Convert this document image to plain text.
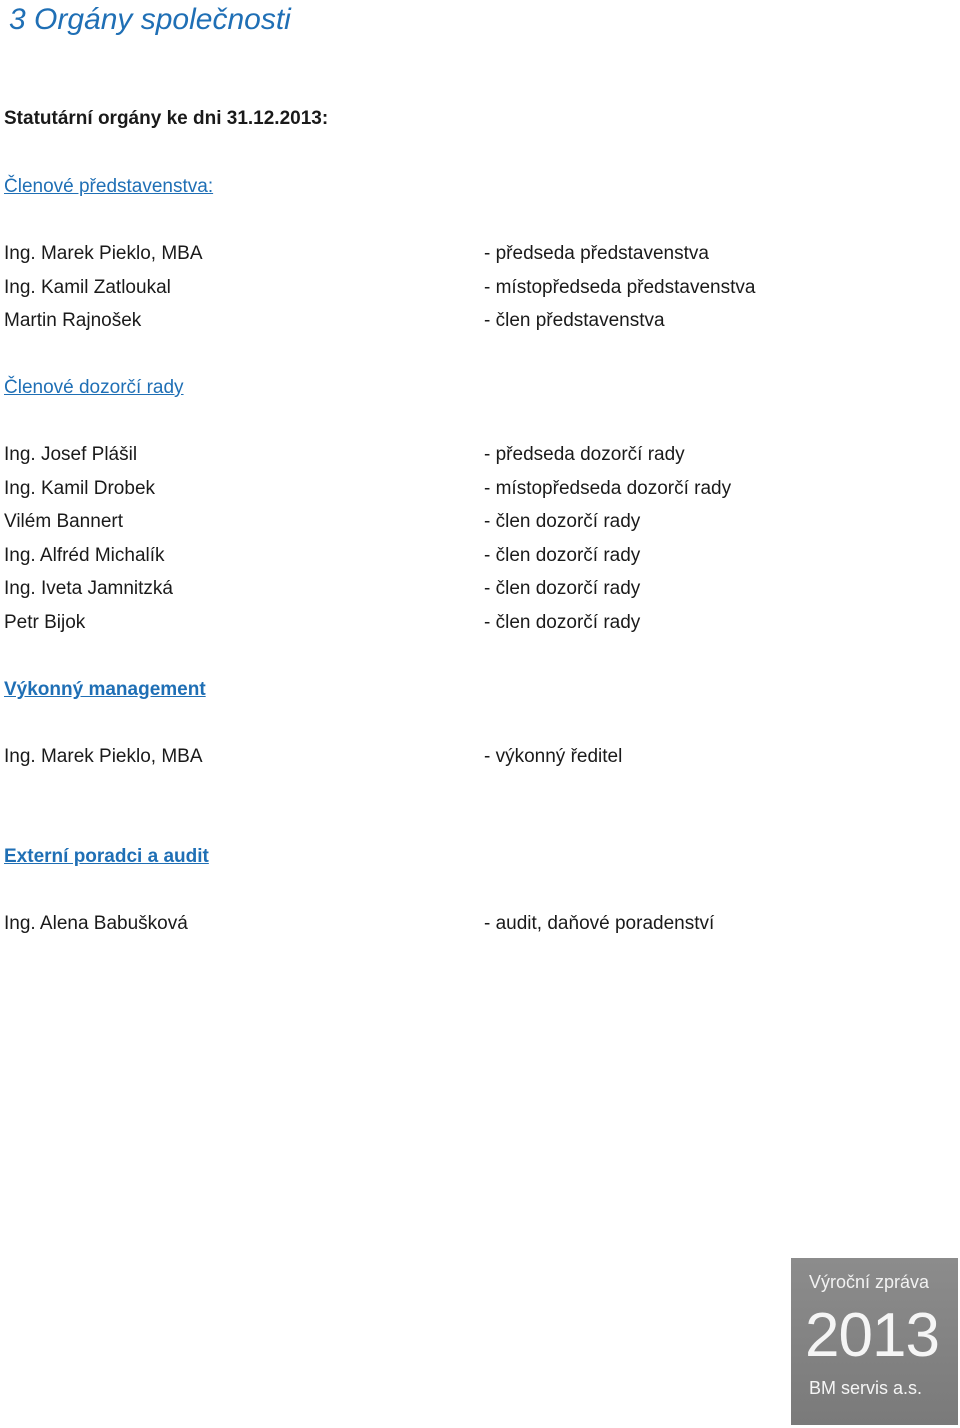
3 Orgány společnosti
Statutární orgány ke dni 31.12.2013:
Členové představenstva:
Ing. Marek Pieklo, MBA	- předseda představenstva
Ing. Kamil Zatloukal	- místopředseda představenstva
Martin Rajnošek	- člen představenstva
Členové dozorčí rady
Ing. Josef Plášil	- předseda dozorčí rady
Ing. Kamil Drobek	- místopředseda dozorčí rady
Vilém Bannert	- člen dozorčí rady
Ing. Alfréd Michalík	- člen dozorčí rady
Ing. Iveta Jamnitzká	- člen dozorčí rady
Petr Bijok	- člen dozorčí rady
Výkonný management
Ing. Marek Pieklo, MBA	- výkonný ředitel
Externí poradci a audit
Ing. Alena Babušková	- audit, daňové poradenství
Výroční zpráva
2013
BM servis a.s.
